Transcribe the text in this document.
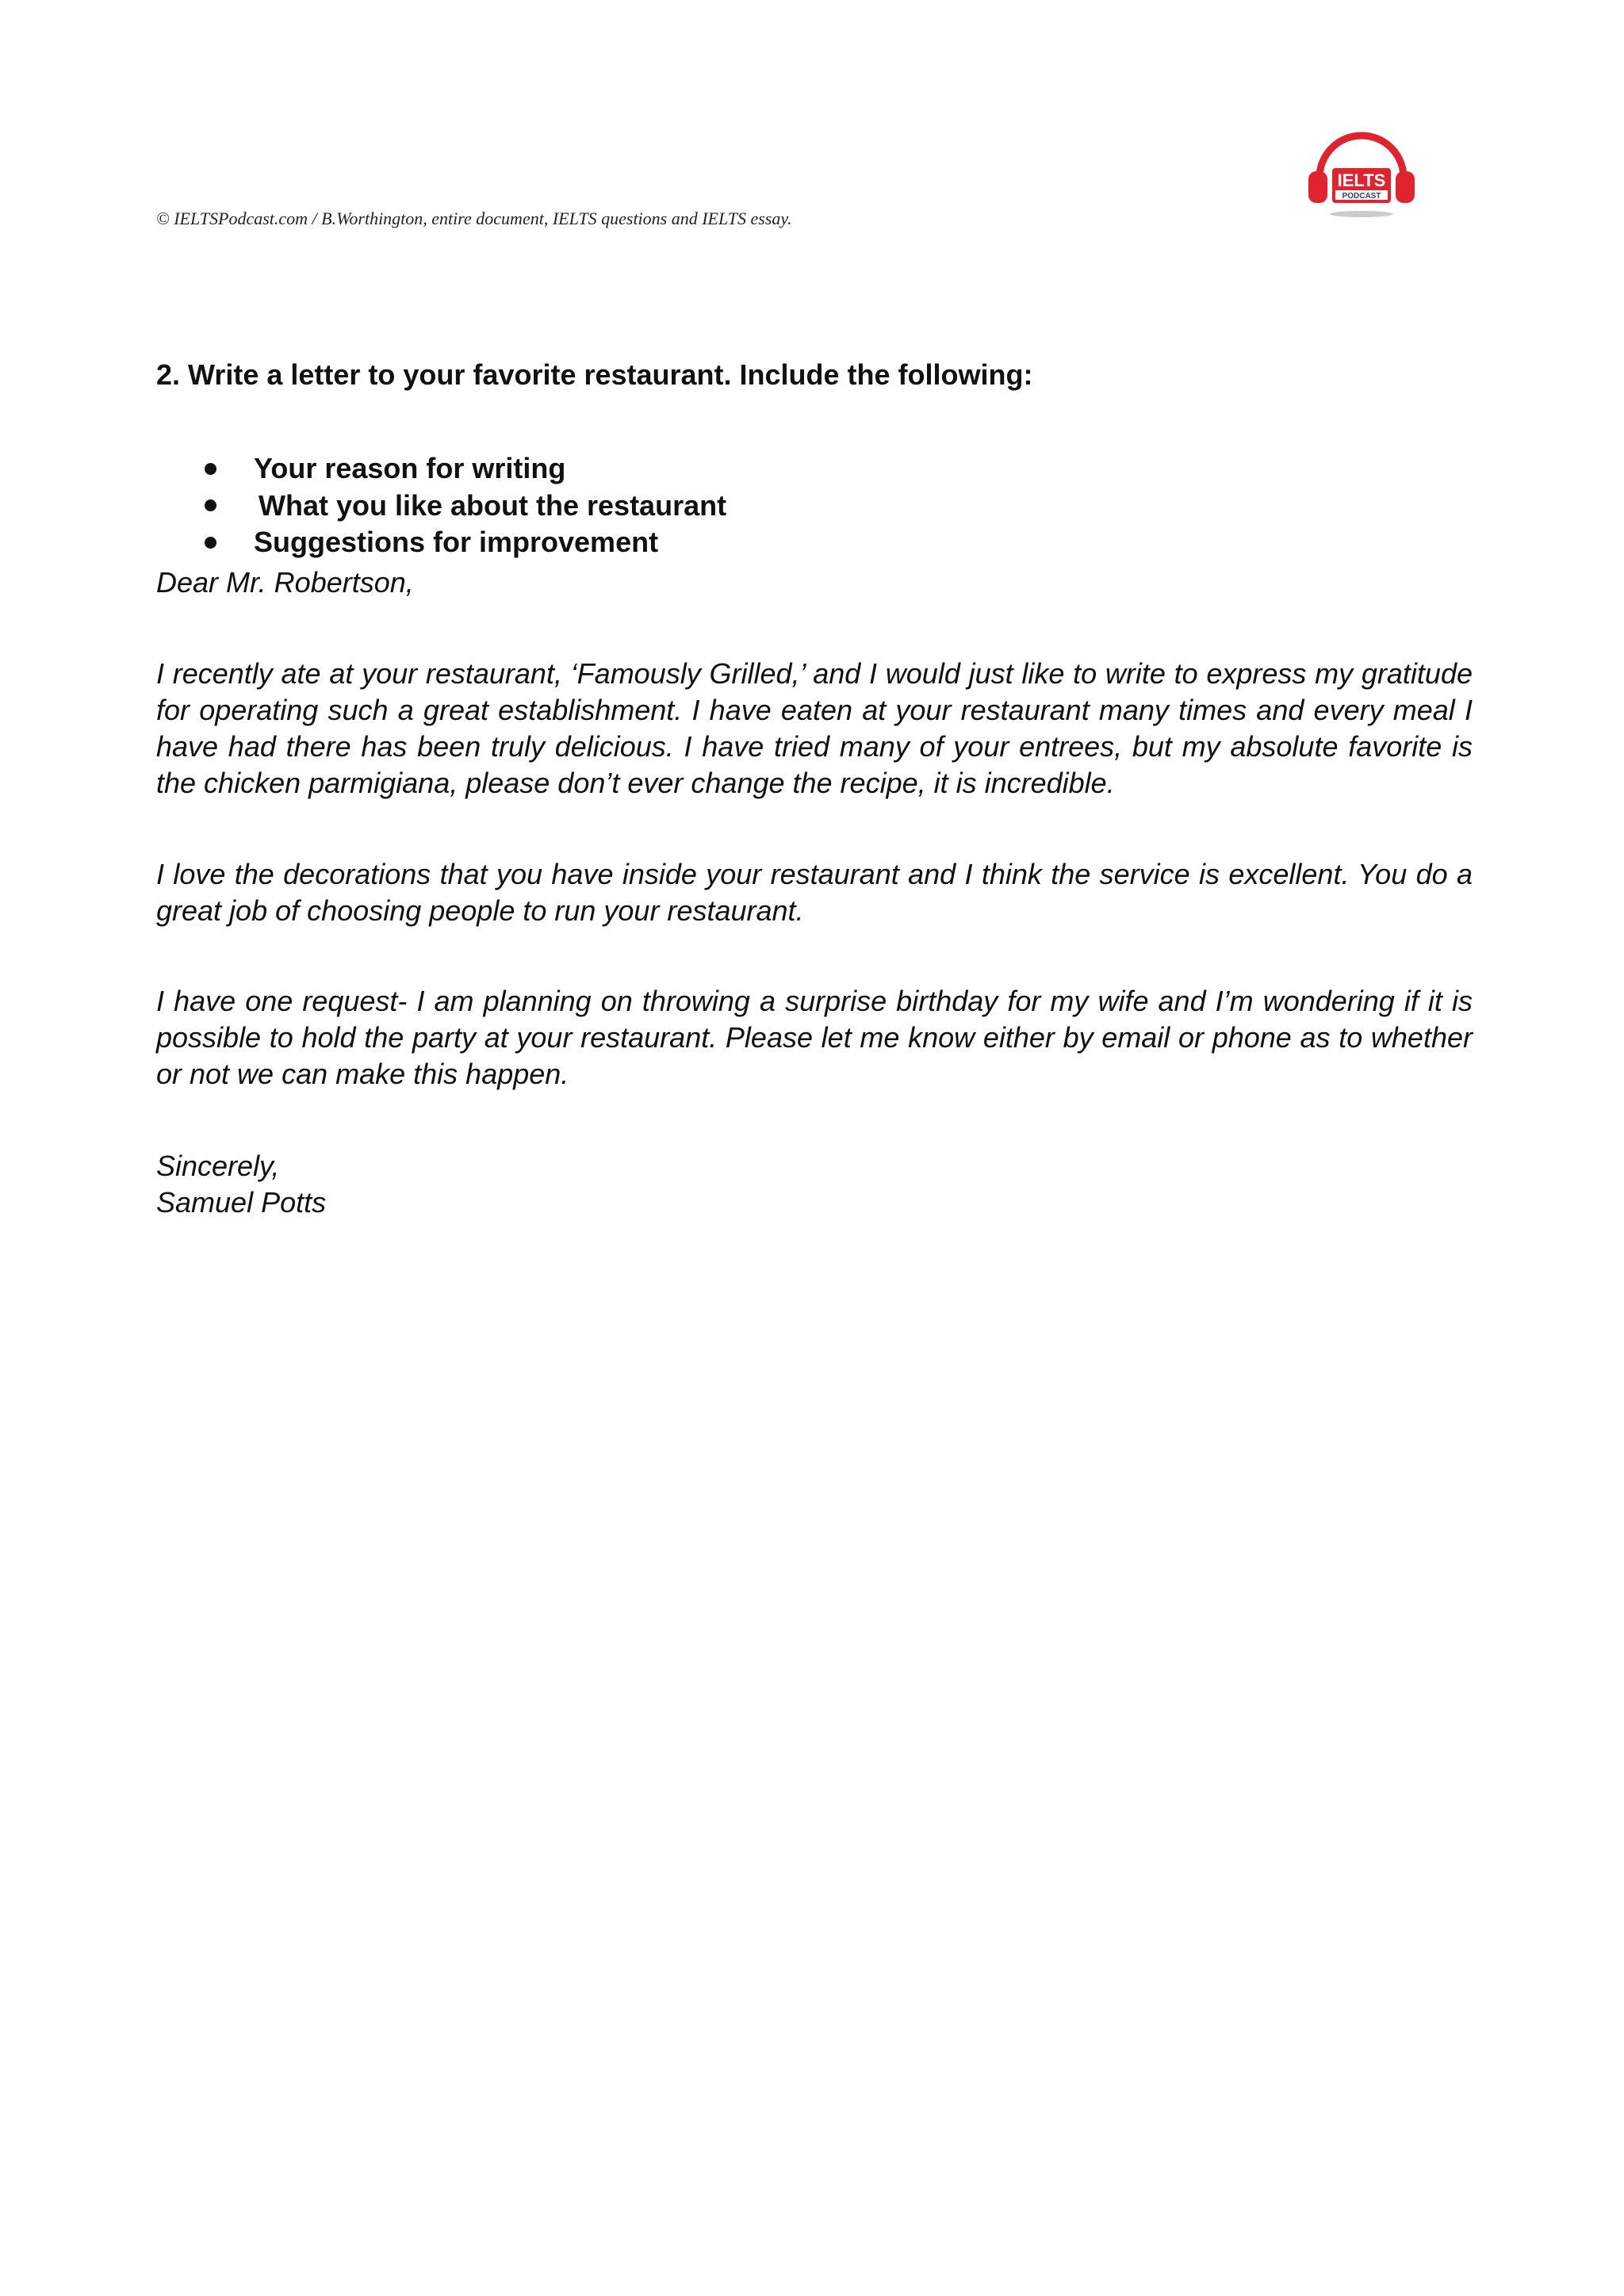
© IELTSPodcast.com / B.Worthington, entire document, IELTS questions and IELTS essay.
IELTS
PODCAST
2. Write a letter to your favorite restaurant. Include the following:
Your reason for writing
What you like about the restaurant
Suggestions for improvement

Dear Mr. Robertson,

I recently ate at your restaurant, ‘Famously Grilled,’ and I would just like to write to express my gratitude for operating such a great establishment. I have eaten at your restaurant many times and every meal I have had there has been truly delicious. I have tried many of your entrees, but my absolute favorite is the chicken parmigiana, please don’t ever change the recipe, it is incredible.

I love the decorations that you have inside your restaurant and I think the service is excellent. You do a great job of choosing people to run your restaurant.

I have one request- I am planning on throwing a surprise birthday for my wife and I’m wondering if it is possible to hold the party at your restaurant. Please let me know either by email or phone as to whether or not we can make this happen.

Sincerely,

Samuel Potts
